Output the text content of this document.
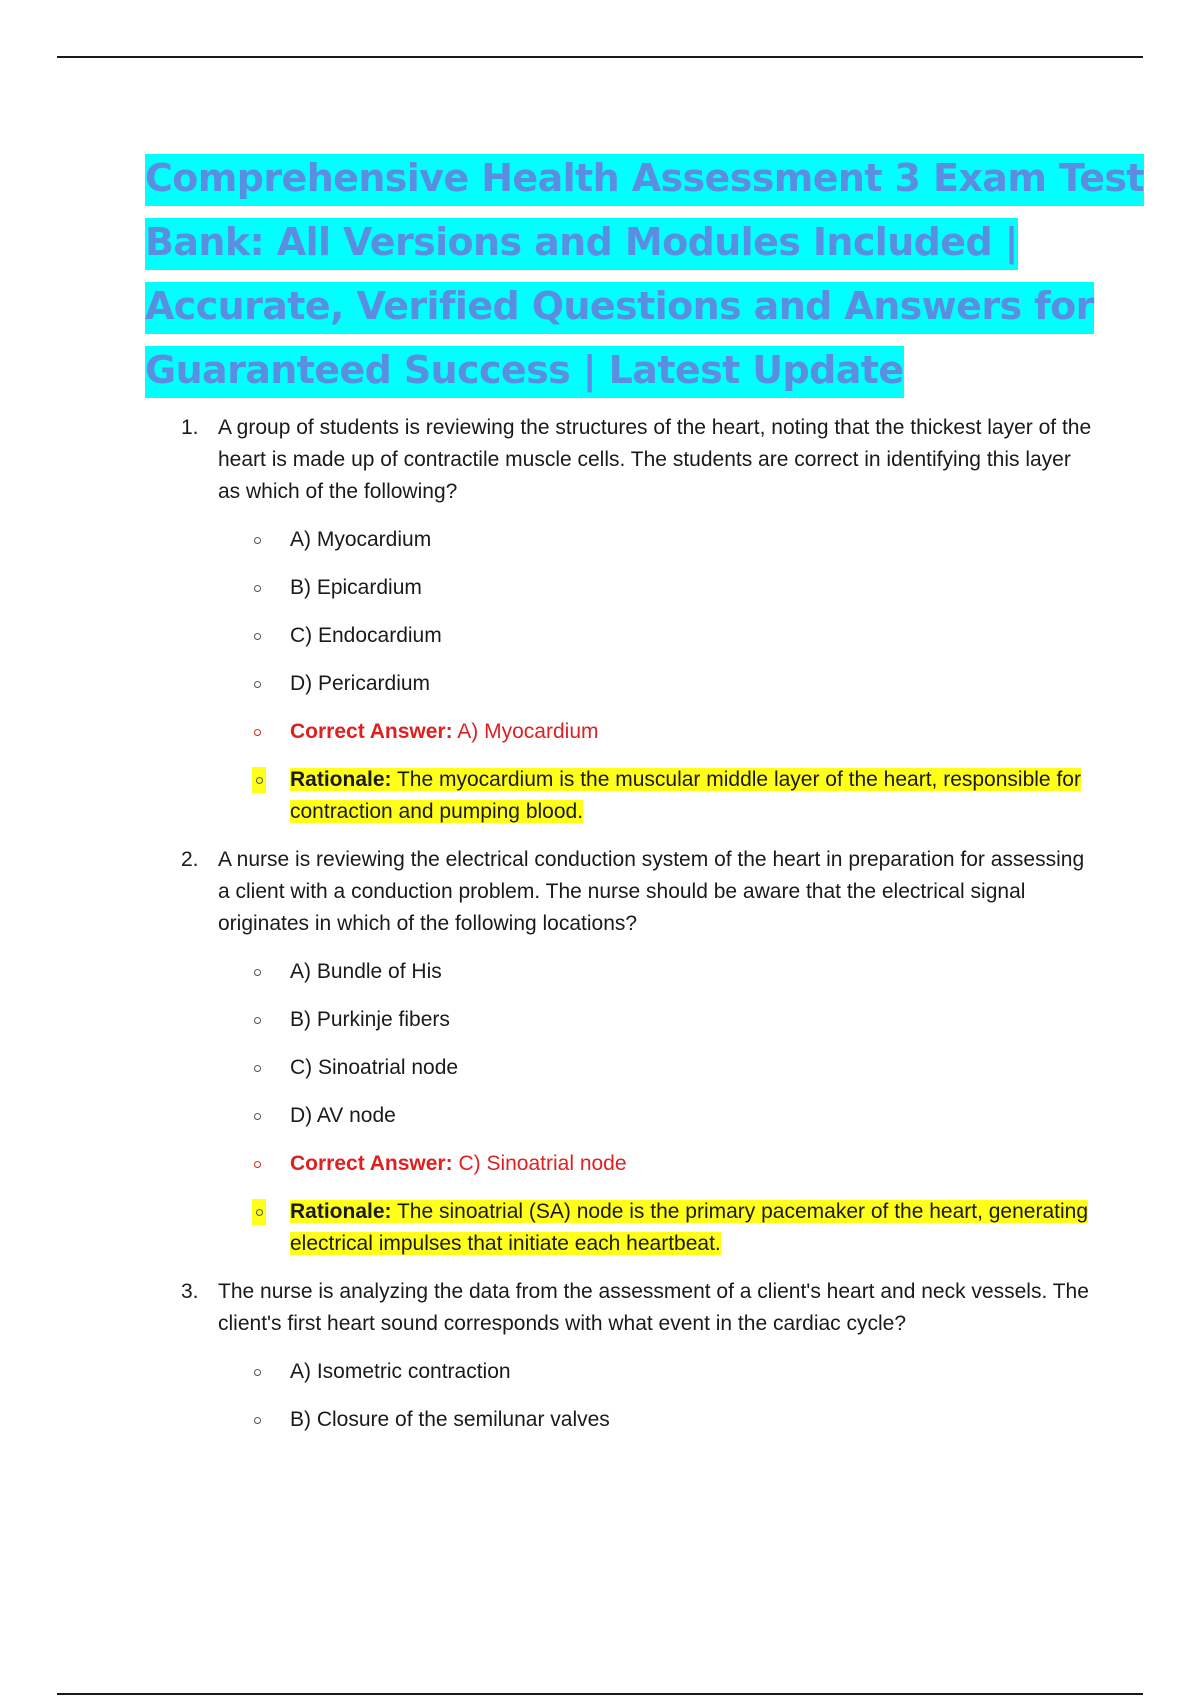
Comprehensive Health Assessment 3 Exam Test Bank: All Versions and Modules Included | Accurate, Verified Questions and Answers for Guaranteed Success | Latest Update
1. A group of students is reviewing the structures of the heart, noting that the thickest layer of the heart is made up of contractile muscle cells. The students are correct in identifying this layer as which of the following?
A) Myocardium
B) Epicardium
C) Endocardium
D) Pericardium
Correct Answer: A) Myocardium
Rationale: The myocardium is the muscular middle layer of the heart, responsible for contraction and pumping blood.
2. A nurse is reviewing the electrical conduction system of the heart in preparation for assessing a client with a conduction problem. The nurse should be aware that the electrical signal originates in which of the following locations?
A) Bundle of His
B) Purkinje fibers
C) Sinoatrial node
D) AV node
Correct Answer: C) Sinoatrial node
Rationale: The sinoatrial (SA) node is the primary pacemaker of the heart, generating electrical impulses that initiate each heartbeat.
3. The nurse is analyzing the data from the assessment of a client's heart and neck vessels. The client's first heart sound corresponds with what event in the cardiac cycle?
A) Isometric contraction
B) Closure of the semilunar valves
